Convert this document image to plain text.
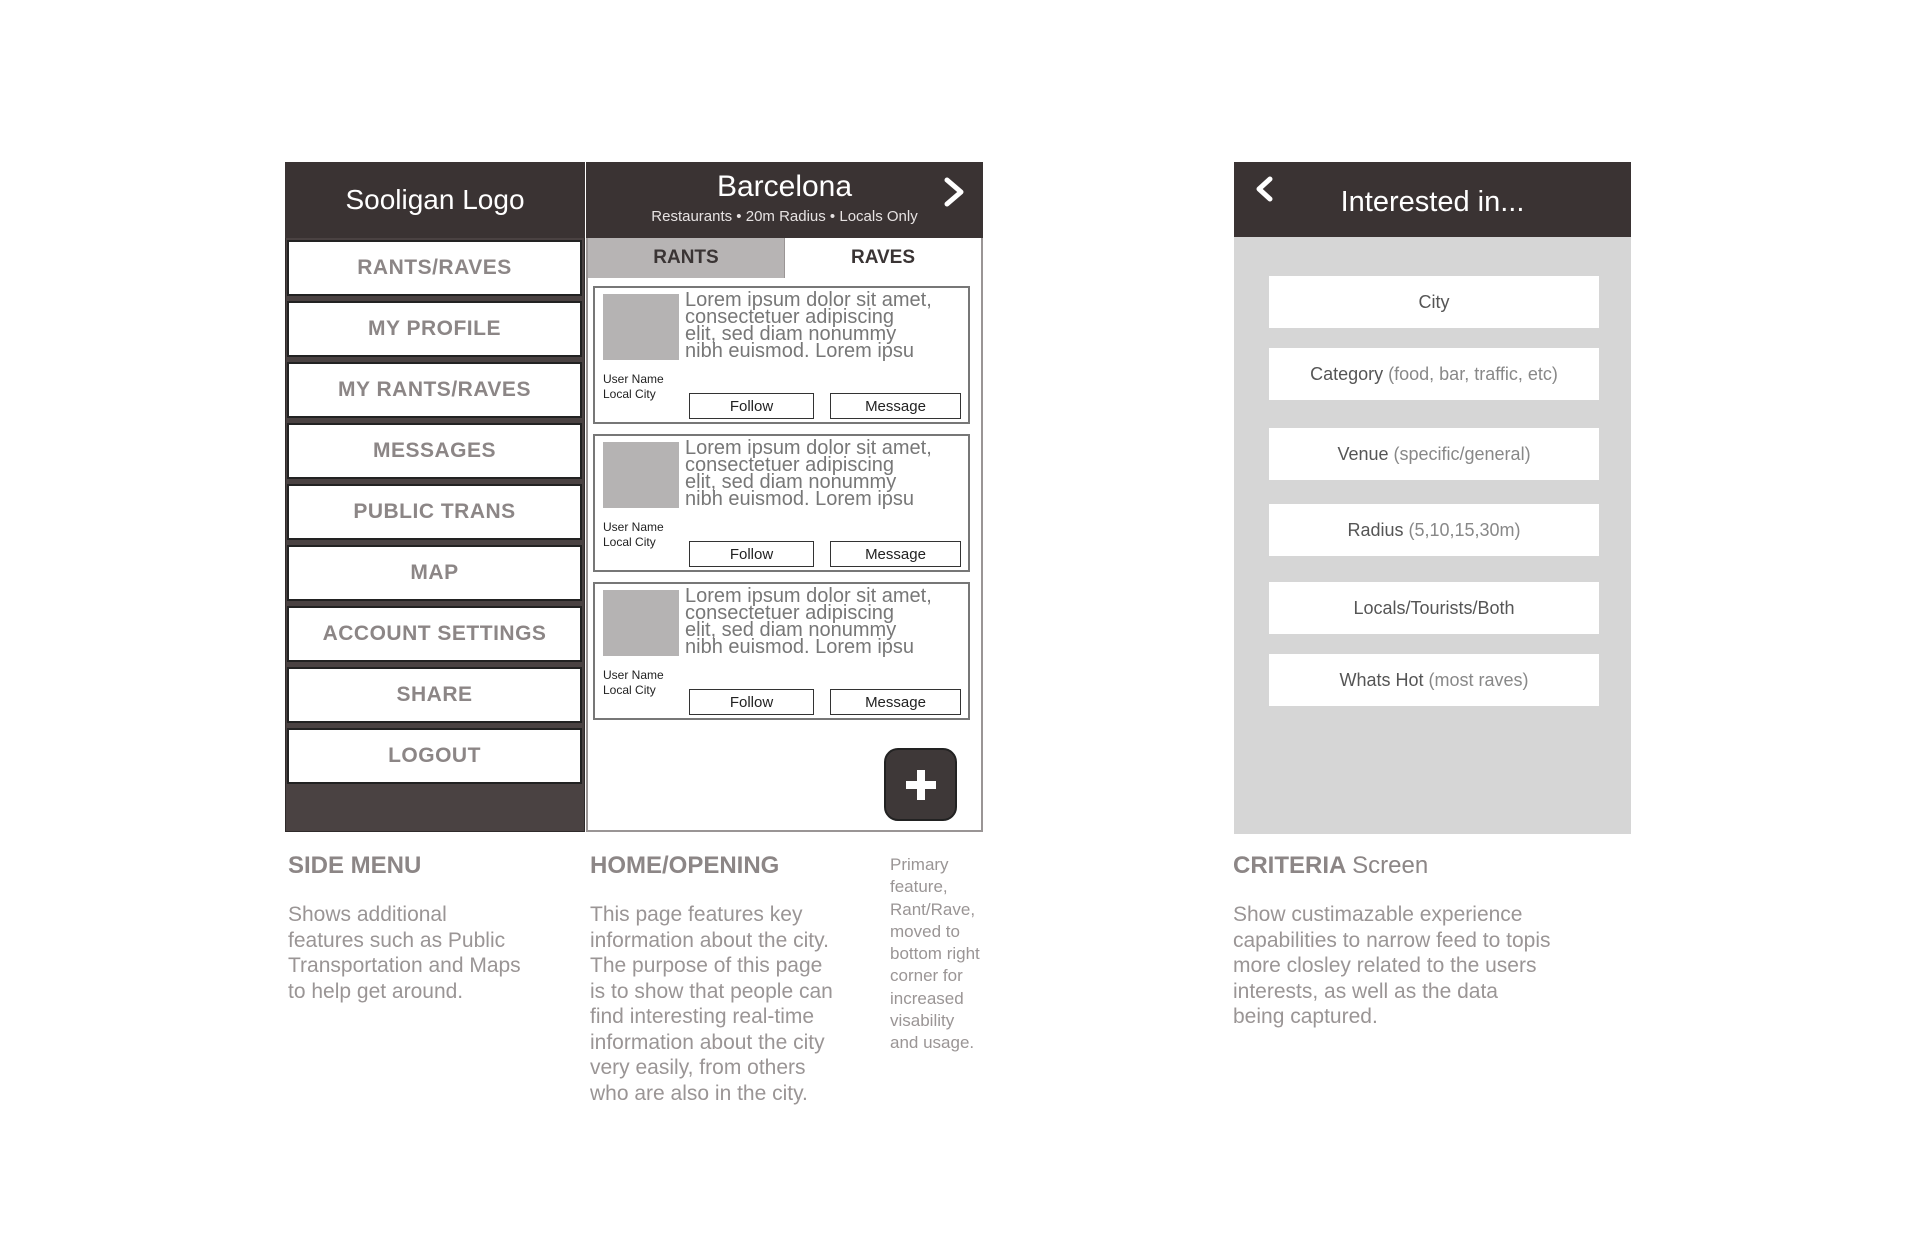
Sooligan Logo
RANTS/RAVES
MY PROFILE
MY RANTS/RAVES
MESSAGES
PUBLIC TRANS
MAP
ACCOUNT SETTINGS
SHARE
LOGOUT
Barcelona
Restaurants • 20m Radius • Locals Only
RANTS	RAVES
Lorem ipsum dolor sit amet,
consectetuer adipiscing
elit, sed diam nonummy
nibh euismod. Lorem ipsu
User Name
Local City
Follow	Message
Lorem ipsum dolor sit amet,
consectetuer adipiscing
elit, sed diam nonummy
nibh euismod. Lorem ipsu
User Name
Local City
Follow	Message
Lorem ipsum dolor sit amet,
consectetuer adipiscing
elit, sed diam nonummy
nibh euismod. Lorem ipsu
User Name
Local City
Follow	Message
Interested in...
City
Category (food, bar, traffic, etc)
Venue (specific/general)
Radius (5,10,15,30m)
Locals/Tourists/Both
Whats Hot (most raves)
SIDE MENU
Shows additional
features such as Public
Transportation and Maps
to help get around.
HOME/OPENING
This page features key
information about the city.
The purpose of this page
is to show that people can
find interesting real-time
information about the city
very easily, from others
who are also in the city.
Primary
feature,
Rant/Rave,
moved to
bottom right
corner for
increased
visability
and usage.
CRITERIA Screen
Show custimazable experience
capabilities to narrow feed to topis
more closley related to the users
interests, as well as the data
being captured.
